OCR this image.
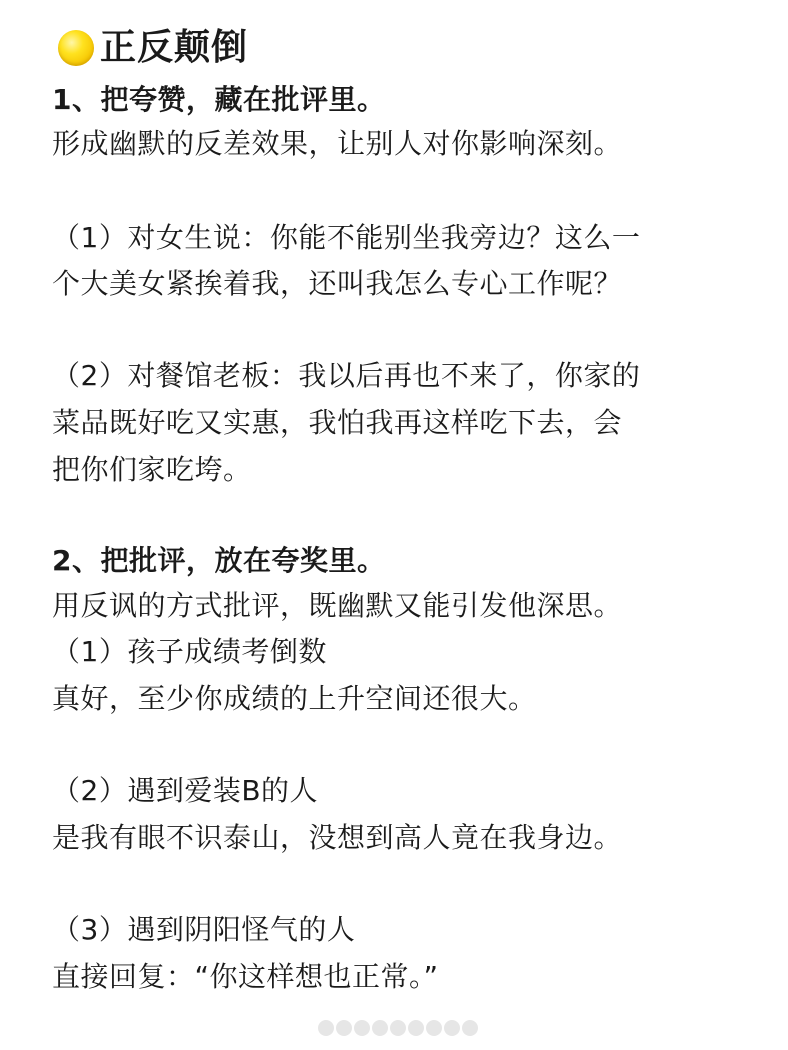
正反颠倒
1、把夸赞，藏在批评里。
形成幽默的反差效果，让别人对你影响深刻。
（1）对女生说：你能不能别坐我旁边？这么一
个大美女紧挨着我，还叫我怎么专心工作呢？
（2）对餐馆老板：我以后再也不来了，你家的
菜品既好吃又实惠，我怕我再这样吃下去，会
把你们家吃垮。
2、把批评，放在夸奖里。
用反讽的方式批评，既幽默又能引发他深思。
（1）孩子成绩考倒数
真好，至少你成绩的上升空间还很大。
（2）遇到爱装B的人
是我有眼不识泰山，没想到高人竟在我身边。
（3）遇到阴阳怪气的人
直接回复：“你这样想也正常。”
